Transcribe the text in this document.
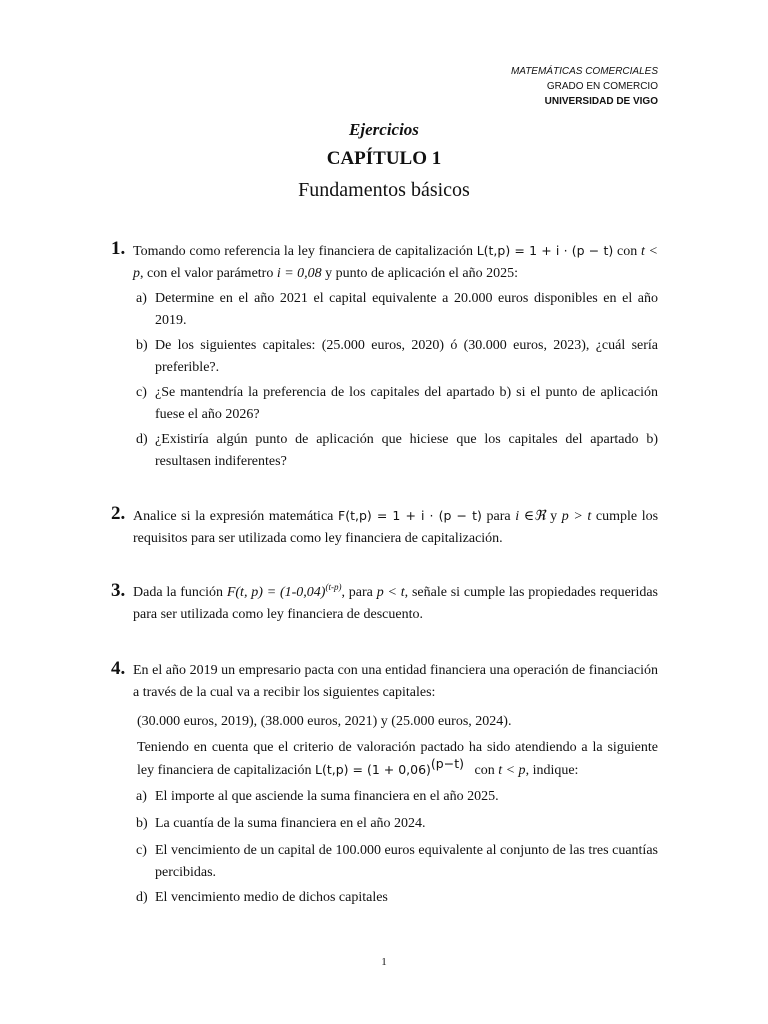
MATEMÁTICAS COMERCIALES
GRADO EN COMERCIO
UNIVERSIDAD DE VIGO
Ejercicios
CAPÍTULO 1
Fundamentos básicos
1. Tomando como referencia la ley financiera de capitalización L(t,p) = 1 + i · (p − t) con t < p, con el valor parámetro i = 0,08 y punto de aplicación el año 2025:
a) Determine en el año 2021 el capital equivalente a 20.000 euros disponibles en el año 2019.
b) De los siguientes capitales: (25.000 euros, 2020) ó (30.000 euros, 2023), ¿cuál sería preferible?.
c) ¿Se mantendría la preferencia de los capitales del apartado b) si el punto de aplicación fuese el año 2026?
d) ¿Existiría algún punto de aplicación que hiciese que los capitales del apartado b) resultasen indiferentes?
2. Analice si la expresión matemática F(t,p) = 1 + i · (p − t) para i ∈ℜ y p > t cumple los requisitos para ser utilizada como ley financiera de capitalización.
3. Dada la función F(t, $p) = (1-0,04)^{(t-p)}$, para p < t, señale si cumple las propiedades requeridas para ser utilizada como ley financiera de descuento.
4. En el año 2019 un empresario pacta con una entidad financiera una operación de financiación a través de la cual va a recibir los siguientes capitales:
(30.000 euros, 2019), (38.000 euros, 2021) y (25.000 euros, 2024).
Teniendo en cuenta que el criterio de valoración pactado ha sido atendiendo a la siguiente ley financiera de capitalización $L(t,p) = (1 + 0,06)^{(p-t)}$ con t < p, indique:
a) El importe al que asciende la suma financiera en el año 2025.
b) La cuantía de la suma financiera en el año 2024.
c) El vencimiento de un capital de 100.000 euros equivalente al conjunto de las tres cuantías percibidas.
d) El vencimiento medio de dichos capitales
1
